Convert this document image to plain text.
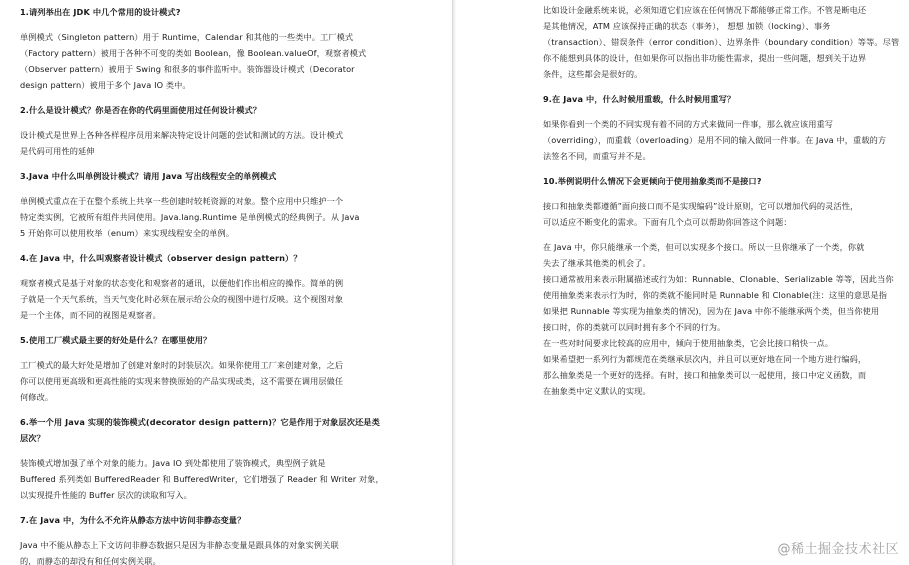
1.请列举出在 JDK 中几个常用的设计模式?

单例模式（Singleton pattern）用于 Runtime，Calendar 和其他的一些类中。工厂模式

（Factory pattern）被用于各种不可变的类如 Boolean，像 Boolean.valueOf，观察者模式

（Observer pattern）被用于 Swing 和很多的事件监听中。装饰器设计模式（Decorator

design pattern）被用于多个 Java IO 类中。

2.什么是设计模式？你是否在你的代码里面使用过任何设计模式？

设计模式是世界上各种各样程序员用来解决特定设计问题的尝试和测试的方法。设计模式

是代码可用性的延伸

3.Java 中什么叫单例设计模式？请用 Java 写出线程安全的单例模式

单例模式重点在于在整个系统上共享一些创建时较耗资源的对象。整个应用中只维护一个

特定类实例，它被所有组件共同使用。Java.lang.Runtime 是单例模式的经典例子。从 Java

5 开始你可以使用枚举（enum）来实现线程安全的单例。

4.在 Java 中，什么叫观察者设计模式（observer design pattern）？

观察者模式是基于对象的状态变化和观察者的通讯，以便他们作出相应的操作。简单的例

子就是一个天气系统，当天气变化时必须在展示给公众的视图中进行反映。这个视图对象

是一个主体，而不同的视图是观察者。

5.使用工厂模式最主要的好处是什么？在哪里使用？

工厂模式的最大好处是增加了创建对象时的封装层次。如果你使用工厂来创建对象，之后

你可以使用更高级和更高性能的实现来替换原始的产品实现或类，这不需要在调用层做任

何修改。

6.举一个用 Java 实现的装饰模式(decorator design pattern)？它是作用于对象层次还是类

层次？

装饰模式增加强了单个对象的能力。Java IO 到处都使用了装饰模式，典型例子就是

Buffered 系列类如 BufferedReader 和 BufferedWriter，它们增强了 Reader 和 Writer 对象，

以实现提升性能的 Buffer 层次的读取和写入。

7.在 Java 中，为什么不允许从静态方法中访问非静态变量？

Java 中不能从静态上下文访问非静态数据只是因为非静态变量是跟具体的对象实例关联

的，而静态的却没有和任何实例关联。

比如设计金融系统来说，必须知道它们应该在任何情况下都能够正常工作。不管是断电还

是其他情况，ATM 应该保持正确的状态（事务）， 想想 加锁（locking）、事务

（transaction）、错误条件（error condition）、边界条件（boundary condition）等等。尽管

你不能想到具体的设计，但如果你可以指出非功能性需求，提出一些问题，想到关于边界

条件，这些都会是很好的。

9.在 Java 中，什么时候用重载，什么时候用重写？

如果你看到一个类的不同实现有着不同的方式来做同一件事，那么就应该用重写

（overriding），而重载（overloading）是用不同的输入做同一件事。在 Java 中，重载的方

法签名不同，而重写并不是。

10.举例说明什么情况下会更倾向于使用抽象类而不是接口?

接口和抽象类都遵循”面向接口而不是实现编码”设计原则，它可以增加代码的灵活性，

可以适应不断变化的需求。下面有几个点可以帮助你回答这个问题：

在 Java 中，你只能继承一个类，但可以实现多个接口。所以一旦你继承了一个类，你就

失去了继承其他类的机会了。

接口通常被用来表示附属描述或行为如：Runnable、Clonable、Serializable 等等，因此当你

使用抽象类来表示行为时，你的类就不能同时是 Runnable 和 Clonable(注：这里的意思是指

如果把 Runnable 等实现为抽象类的情况)，因为在 Java 中你不能继承两个类，但当你使用

接口时，你的类就可以同时拥有多个不同的行为。

在一些对时间要求比较高的应用中，倾向于使用抽象类，它会比接口稍快一点。

如果希望把一系列行为都规范在类继承层次内，并且可以更好地在同一个地方进行编码，

那么抽象类是一个更好的选择。有时，接口和抽象类可以一起使用，接口中定义函数，而

在抽象类中定义默认的实现。

@稀土掘金技术社区
